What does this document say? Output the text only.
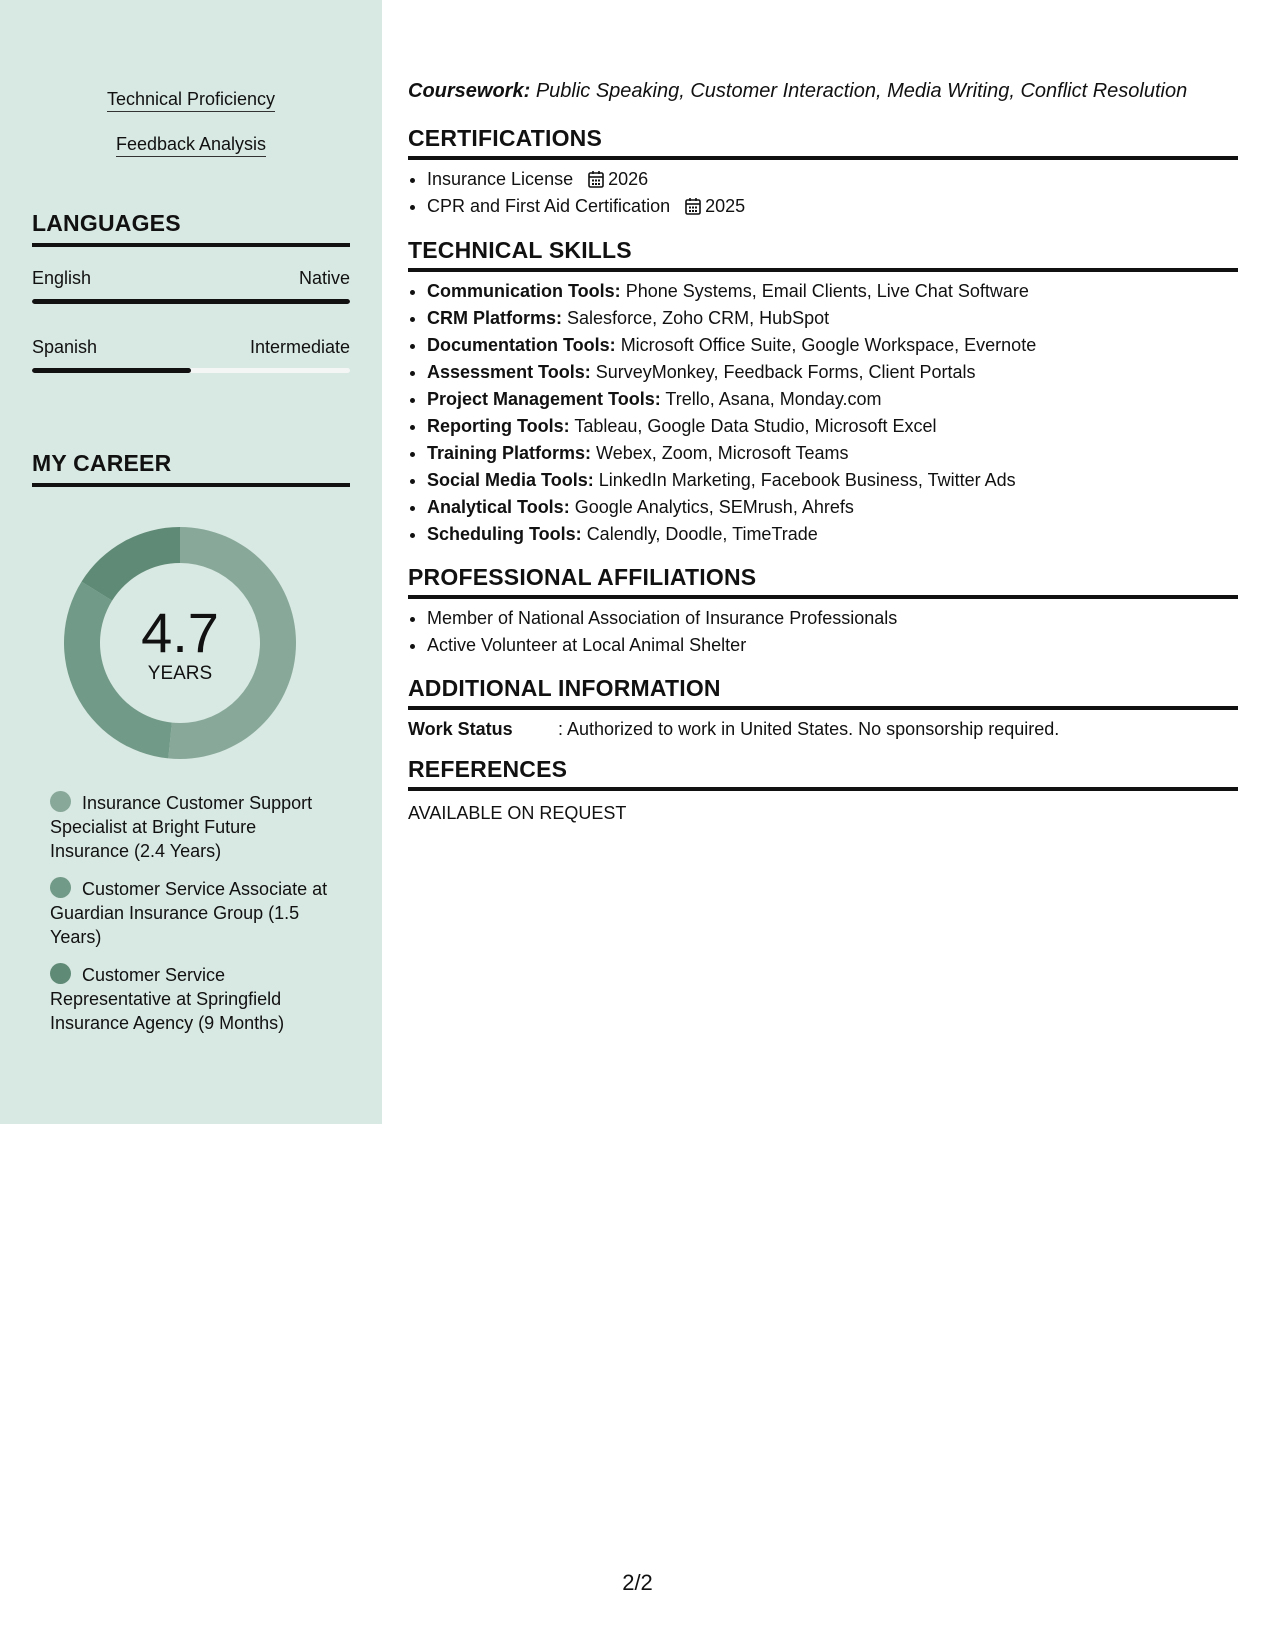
Technical Proficiency
Feedback Analysis
LANGUAGES
English	Native
Spanish	Intermediate
MY CAREER
4.7
YEARS
Insurance Customer Support Specialist at Bright Future Insurance (2.4 Years)
Customer Service Associate at Guardian Insurance Group (1.5 Years)
Customer Service Representative at Springfield Insurance Agency (9 Months)
Coursework: Public Speaking, Customer Interaction, Media Writing, Conflict Resolution
CERTIFICATIONS
• Insurance License 2026
• CPR and First Aid Certification 2025
TECHNICAL SKILLS
• Communication Tools: Phone Systems, Email Clients, Live Chat Software
• CRM Platforms: Salesforce, Zoho CRM, HubSpot
• Documentation Tools: Microsoft Office Suite, Google Workspace, Evernote
• Assessment Tools: SurveyMonkey, Feedback Forms, Client Portals
• Project Management Tools: Trello, Asana, Monday.com
• Reporting Tools: Tableau, Google Data Studio, Microsoft Excel
• Training Platforms: Webex, Zoom, Microsoft Teams
• Social Media Tools: LinkedIn Marketing, Facebook Business, Twitter Ads
• Analytical Tools: Google Analytics, SEMrush, Ahrefs
• Scheduling Tools: Calendly, Doodle, TimeTrade
PROFESSIONAL AFFILIATIONS
• Member of National Association of Insurance Professionals
• Active Volunteer at Local Animal Shelter
ADDITIONAL INFORMATION
Work Status	: Authorized to work in United States. No sponsorship required.
REFERENCES
AVAILABLE ON REQUEST
2/2
